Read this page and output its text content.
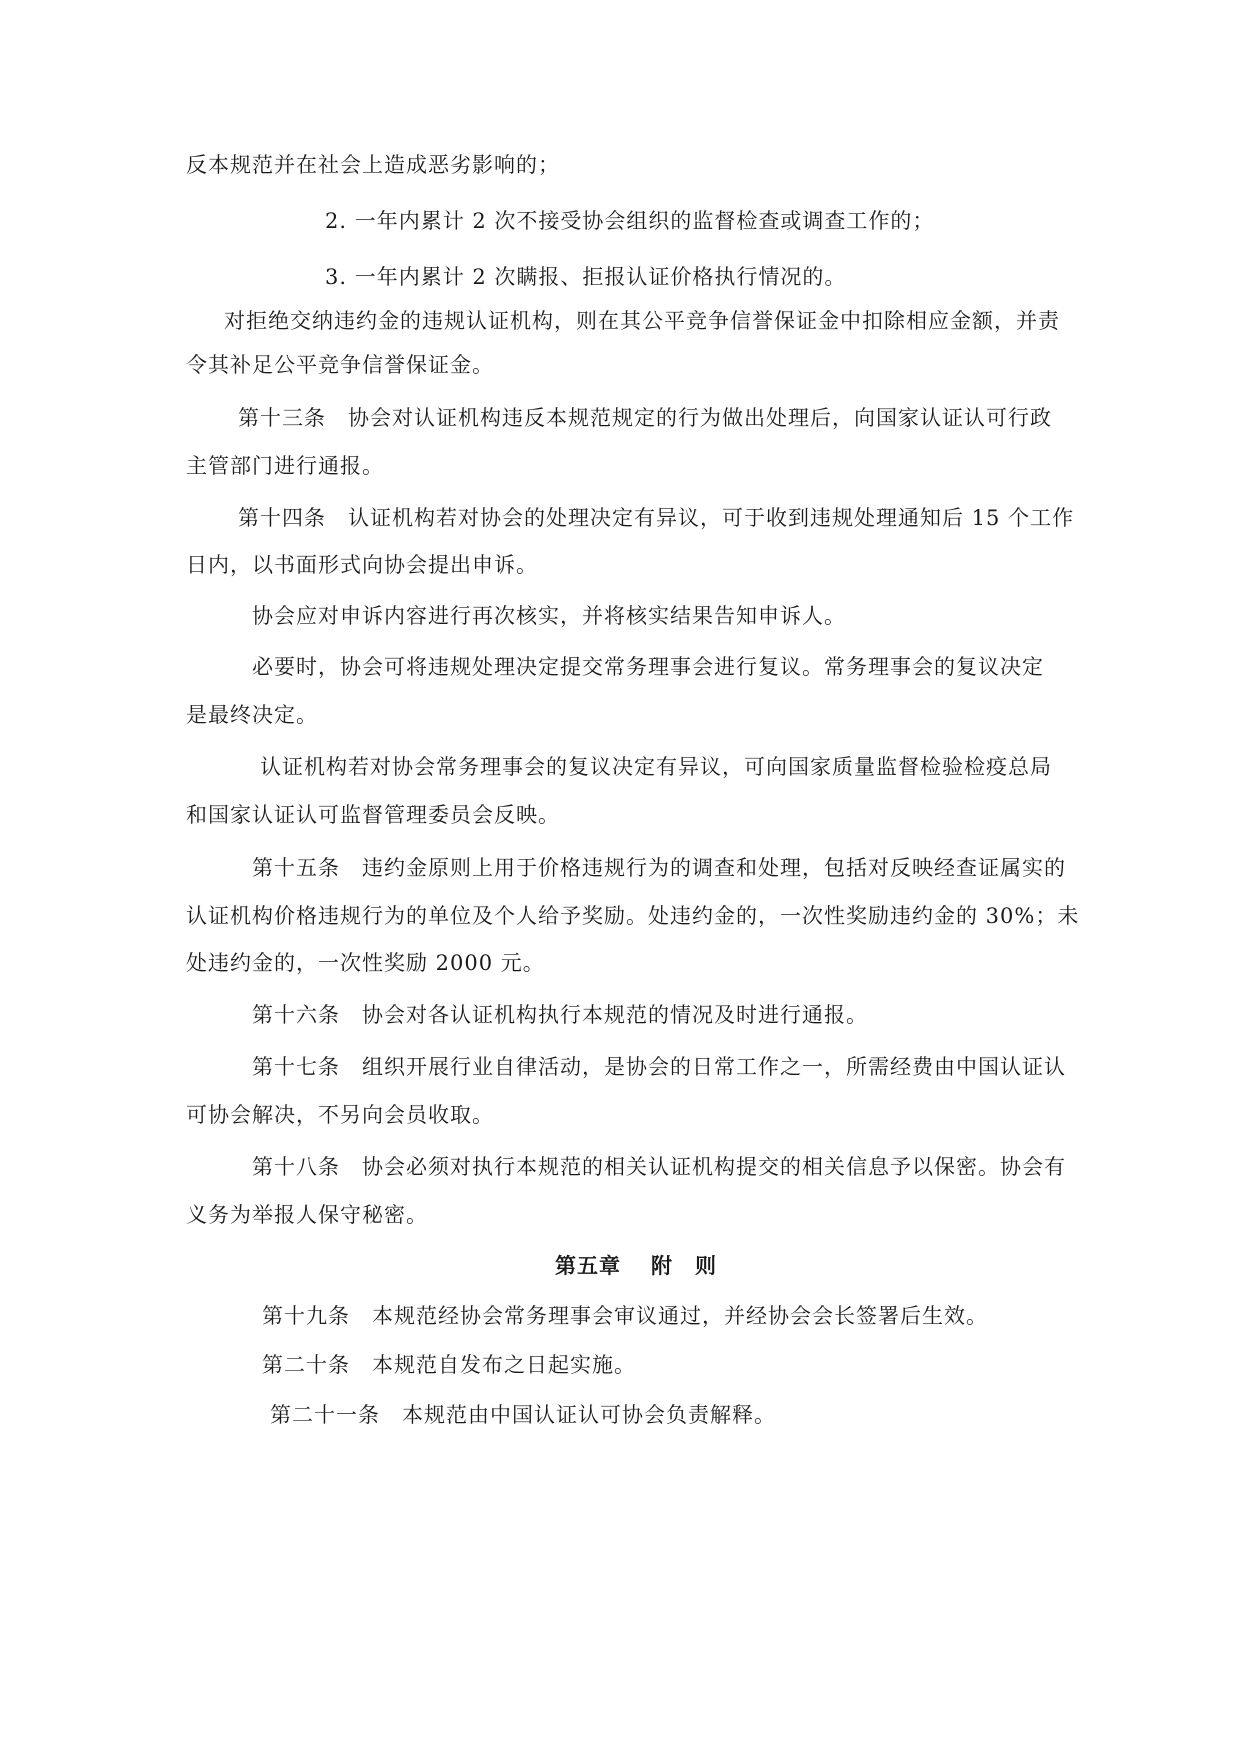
反本规范并在社会上造成恶劣影响的；
2. 一年内累计 2 次不接受协会组织的监督检查或调查工作的；
3. 一年内累计 2 次瞒报、拒报认证价格执行情况的。
对拒绝交纳违约金的违规认证机构，则在其公平竞争信誉保证金中扣除相应金额，并责
令其补足公平竞争信誉保证金。
第十三条　协会对认证机构违反本规范规定的行为做出处理后，向国家认证认可行政
主管部门进行通报。
第十四条　认证机构若对协会的处理决定有异议，可于收到违规处理通知后 15 个工作
日内，以书面形式向协会提出申诉。
协会应对申诉内容进行再次核实，并将核实结果告知申诉人。
必要时，协会可将违规处理决定提交常务理事会进行复议。常务理事会的复议决定
是最终决定。
认证机构若对协会常务理事会的复议决定有异议，可向国家质量监督检验检疫总局
和国家认证认可监督管理委员会反映。
第十五条　违约金原则上用于价格违规行为的调查和处理，包括对反映经查证属实的
认证机构价格违规行为的单位及个人给予奖励。处违约金的，一次性奖励违约金的 30%；未
处违约金的，一次性奖励 2000 元。
第十六条　协会对各认证机构执行本规范的情况及时进行通报。
第十七条　组织开展行业自律活动，是协会的日常工作之一，所需经费由中国认证认
可协会解决，不另向会员收取。
第十八条　协会必须对执行本规范的相关认证机构提交的相关信息予以保密。协会有
义务为举报人保守秘密。
第五章 附　则
第十九条　本规范经协会常务理事会审议通过，并经协会会长签署后生效。
第二十条　本规范自发布之日起实施。
第二十一条　本规范由中国认证认可协会负责解释。
